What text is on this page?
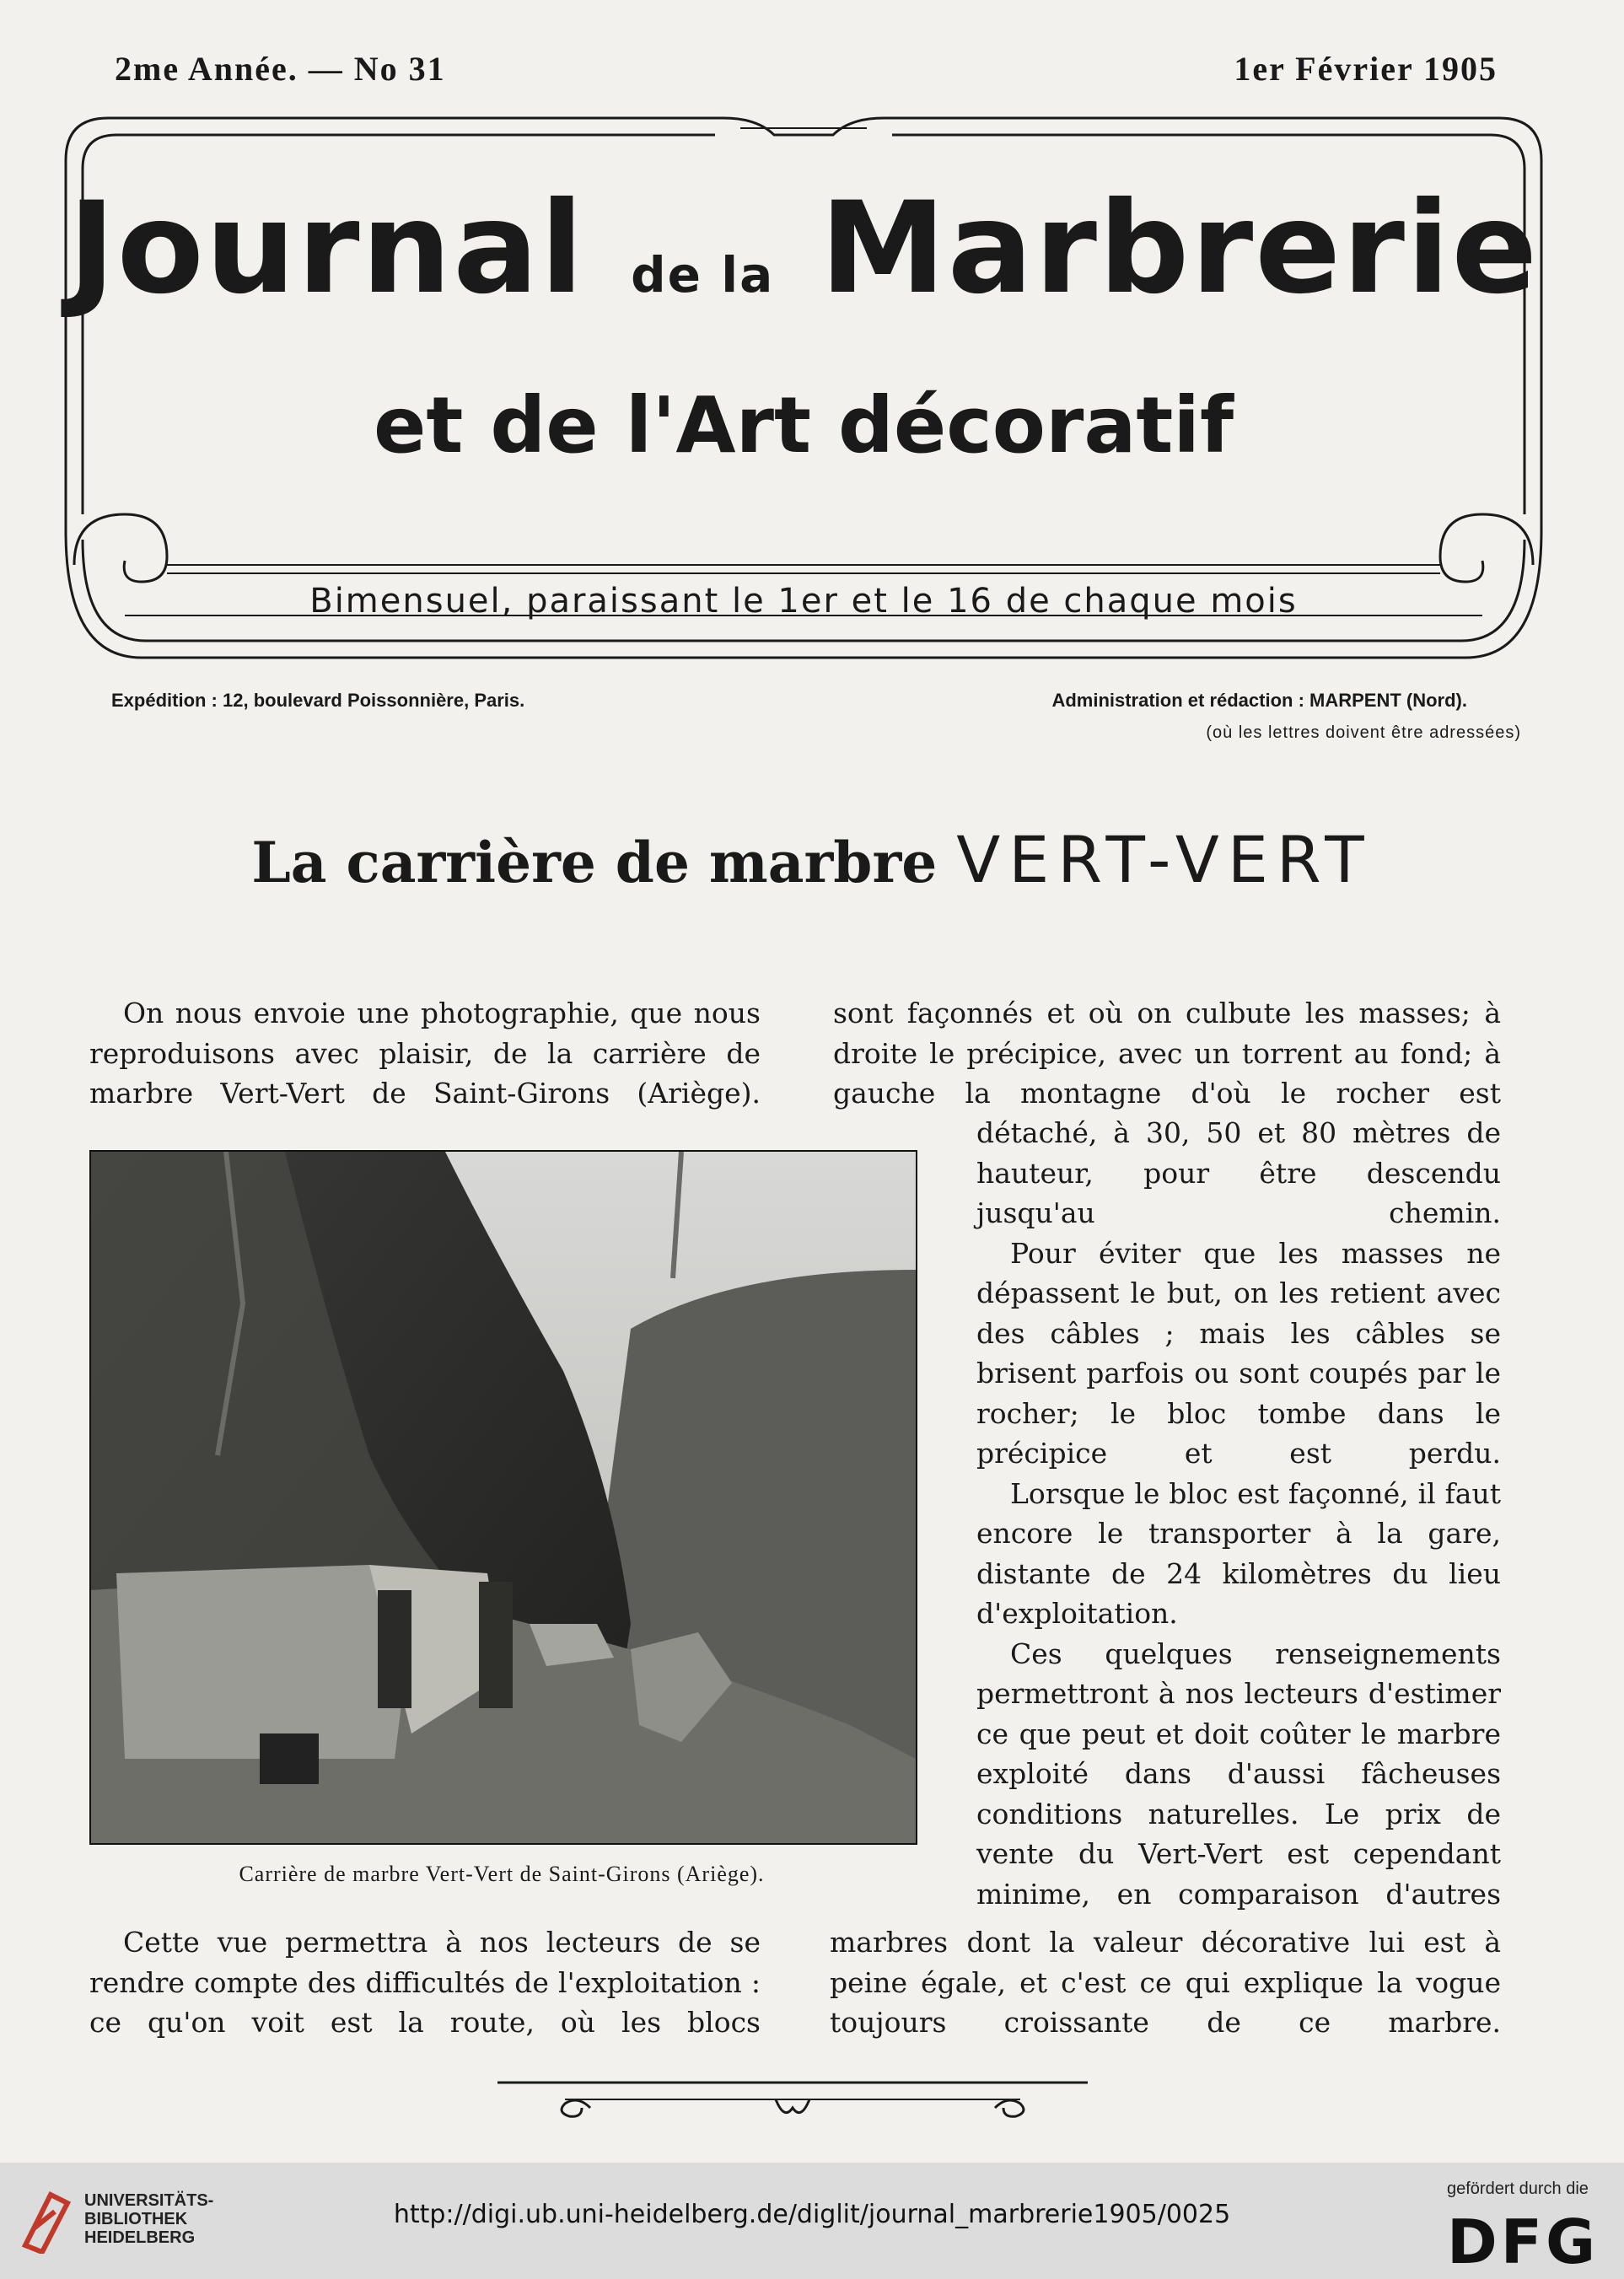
2me Année. — No 31	1er Février 1905
Journal de la Marbrerie
et de l'Art décoratif
Bimensuel, paraissant le 1er et le 16 de chaque mois
Expédition : 12, boulevard Poissonnière, Paris.	Administration et rédaction : MARPENT (Nord).
(où les lettres doivent être adressées)
La carrière de marbre VERT-VERT
On nous envoie une photographie, que nous reproduisons avec plaisir, de la carrière de marbre Vert-Vert de Saint-Girons (Ariège).
Carrière de marbre Vert-Vert de Saint-Girons (Ariège).
Cette vue permettra à nos lecteurs de se rendre compte des difficultés de l'exploitation : ce qu'on voit est la route, où les blocs
sont façonnés et où on culbute les masses; à droite le précipice, avec un torrent au fond; à gauche la montagne d'où le rocher est

détaché, à 30, 50 et 80 mètres de hauteur, pour être descendu jusqu'au chemin.

Pour éviter que les masses ne dépassent le but, on les retient avec des câbles ; mais les câbles se brisent parfois ou sont coupés par le rocher; le bloc tombe dans le précipice et est perdu.

Lorsque le bloc est façonné, il faut encore le transporter à la gare, distante de 24 kilomètres du lieu d'exploitation.

Ces quelques renseignements permettront à nos lecteurs d'estimer ce que peut et doit coûter le marbre exploité dans d'aussi fâcheuses conditions naturelles. Le prix de vente du Vert-Vert est cependant minime, en comparaison d'autres

marbres dont la valeur décorative lui est à peine égale, et c'est ce qui explique la vogue toujours croissante de ce marbre.
UNIVERSITÄTS-
BIBLIOTHEK
HEIDELBERG
http://digi.ub.uni-heidelberg.de/diglit/journal_marbrerie1905/0025
gefördert durch die
DFG
